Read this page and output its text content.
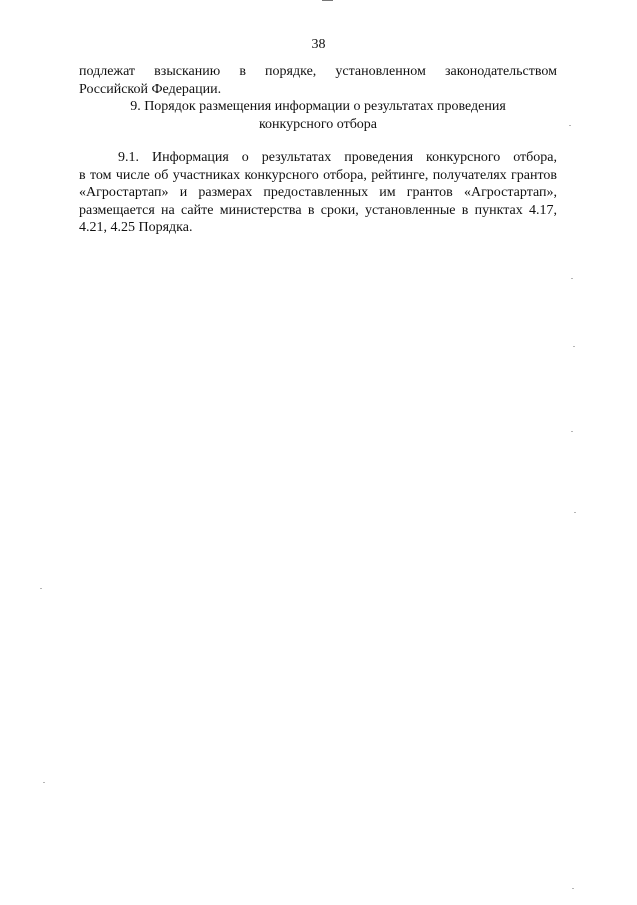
38
подлежат взысканию в порядке, установленном законодательством
Российской Федерации.
9. Порядок размещения информации о результатах проведения
конкурсного отбора
9.1. Информация о результатах проведения конкурсного отбора,
в том числе об участниках конкурсного отбора, рейтинге, получателях грантов
«Агростартап» и размерах предоставленных им грантов «Агростартап»,
размещается на сайте министерства в сроки, установленные в пунктах 4.17,
4.21, 4.25 Порядка.
